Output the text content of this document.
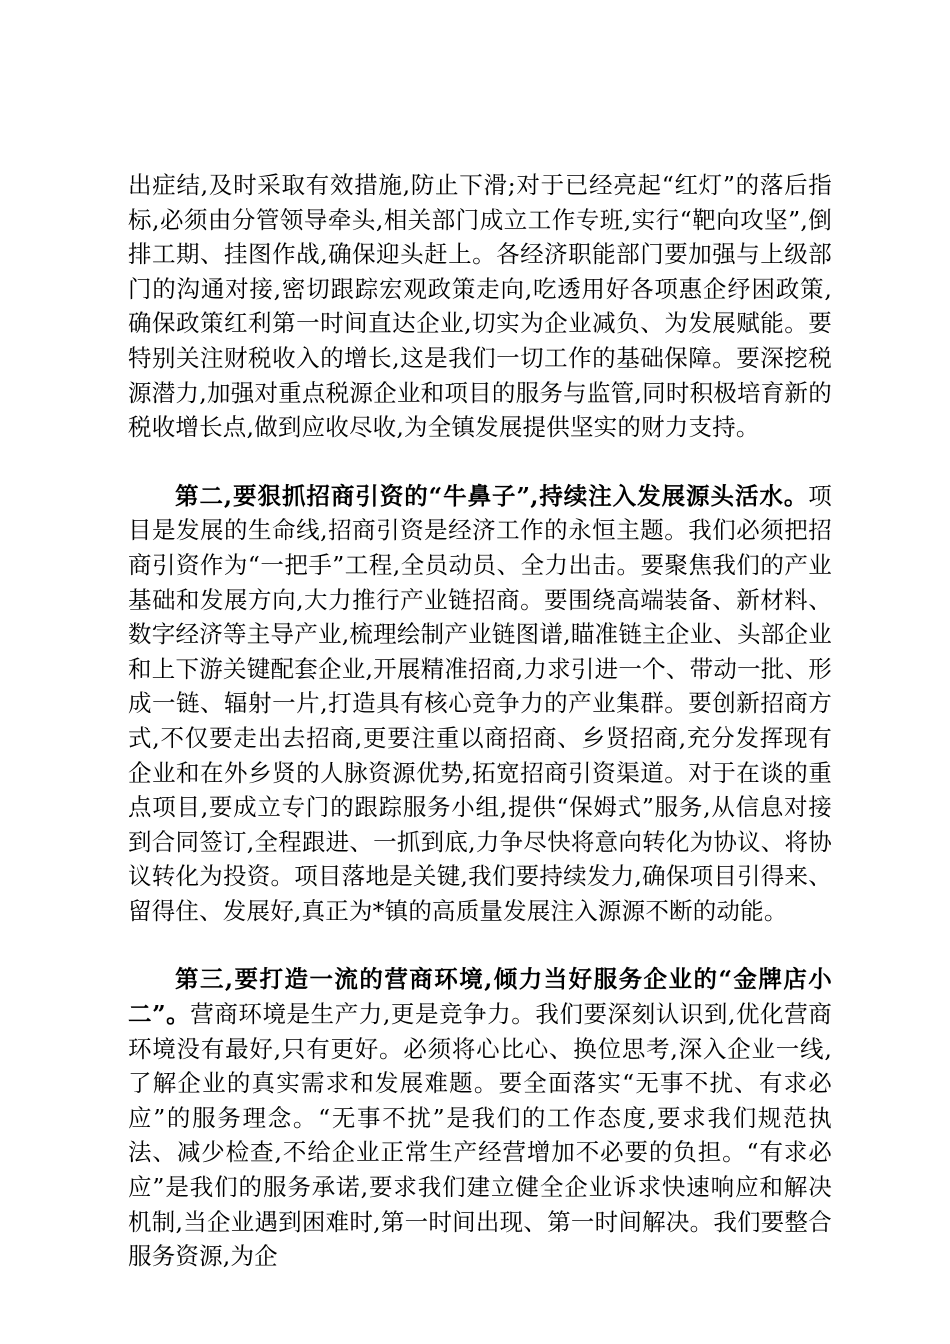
出症结,及时采取有效措施,防止下滑;对于已经亮起“红灯”的落后指标,必须由分管领导牵头,相关部门成立工作专班,实行“靶向攻坚”,倒排工期、挂图作战,确保迎头赶上。各经济职能部门要加强与上级部门的沟通对接,密切跟踪宏观政策走向,吃透用好各项惠企纾困政策,确保政策红利第一时间直达企业,切实为企业减负、为发展赋能。要特别关注财税收入的增长,这是我们一切工作的基础保障。要深挖税源潜力,加强对重点税源企业和项目的服务与监管,同时积极培育新的税收增长点,做到应收尽收,为全镇发展提供坚实的财力支持。

第二,要狠抓招商引资的“牛鼻子”,持续注入发展源头活水。项目是发展的生命线,招商引资是经济工作的永恒主题。我们必须把招商引资作为“一把手”工程,全员动员、全力出击。要聚焦我们的产业基础和发展方向,大力推行产业链招商。要围绕高端装备、新材料、数字经济等主导产业,梳理绘制产业链图谱,瞄准链主企业、头部企业和上下游关键配套企业,开展精准招商,力求引进一个、带动一批、形成一链、辐射一片,打造具有核心竞争力的产业集群。要创新招商方式,不仅要走出去招商,更要注重以商招商、乡贤招商,充分发挥现有企业和在外乡贤的人脉资源优势,拓宽招商引资渠道。对于在谈的重点项目,要成立专门的跟踪服务小组,提供“保姆式”服务,从信息对接到合同签订,全程跟进、一抓到底,力争尽快将意向转化为协议、将协议转化为投资。项目落地是关键,我们要持续发力,确保项目引得来、留得住、发展好,真正为*镇的高质量发展注入源源不断的动能。

第三,要打造一流的营商环境,倾力当好服务企业的“金牌店小二”。营商环境是生产力,更是竞争力。我们要深刻认识到,优化营商环境没有最好,只有更好。必须将心比心、换位思考,深入企业一线,了解企业的真实需求和发展难题。要全面落实“无事不扰、有求必应”的服务理念。“无事不扰”是我们的工作态度,要求我们规范执法、减少检查,不给企业正常生产经营增加不必要的负担。“有求必应”是我们的服务承诺,要求我们建立健全企业诉求快速响应和解决机制,当企业遇到困难时,第一时间出现、第一时间解决。我们要整合服务资源,为企
